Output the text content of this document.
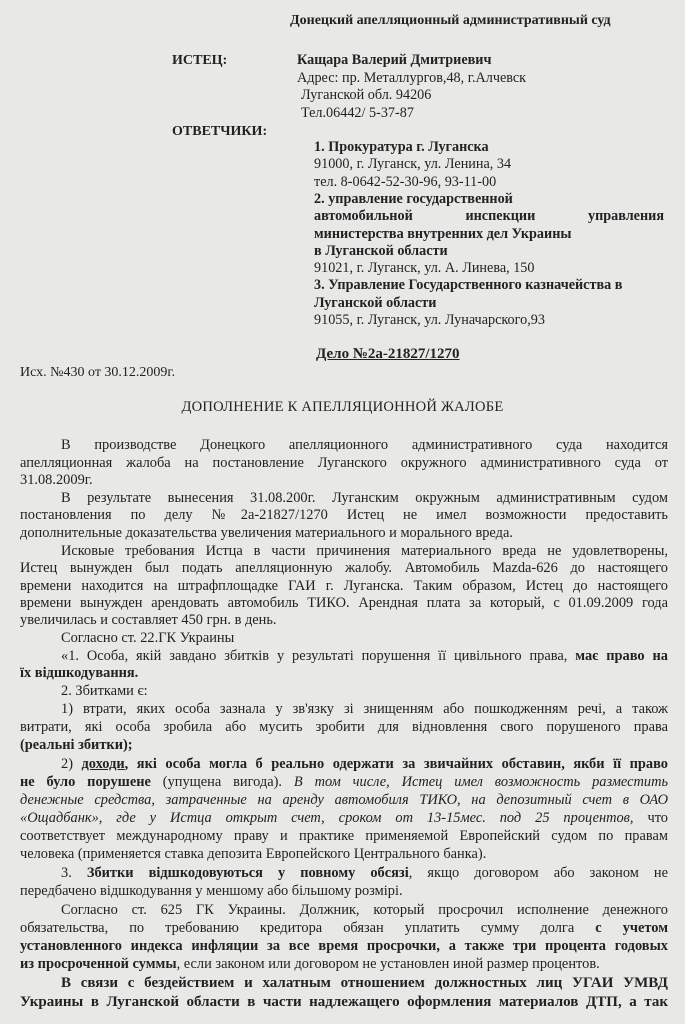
Донецкий апелляционный административный суд
ИСТЕЦ:	Кащара Валерий Дмитриевич
Адрес: пр. Металлургов,48, г.Алчевск
Луганской обл. 94206
Тел.06442/ 5-37-87
ОТВЕТЧИКИ:
1. Прокуратура г. Луганска
91000, г. Луганск, ул. Ленина, 34
тел. 8-0642-52-30-96, 93-11-00
2. управление государственной
автомобильной инспекции управления
министерства внутренних дел Украины
в Луганской области
91021, г. Луганск, ул. А. Линева, 150
3. Управление Государственного казначейства в
Луганской области
91055, г. Луганск, ул. Луначарского,93
Дело №2а-21827/1270
Исх. №430 от 30.12.2009г.
ДОПОЛНЕНИЕ К АПЕЛЛЯЦИОННОЙ ЖАЛОБЕ
В производстве Донецкого апелляционного административного суда находится
апелляционная жалоба на постановление Луганского окружного административного суда от
31.08.2009г.
В результате вынесения 31.08.200г. Луганским окружным административным судом
постановления по делу №2а-21827/1270 Истец не имел возможности предоставить
дополнительные доказательства увеличения материального и морального вреда.
Исковые требования Истца в части причинения материального вреда не удовлетворены,
Истец вынужден был подать апелляционную жалобу. Автомобиль Mazda-626 до настоящего
времени находится на штрафплощадке ГАИ г. Луганска. Таким образом, Истец до настоящего
времени вынужден арендовать автомобиль ТИКО. Арендная плата за который, с 01.09.2009 года
увеличилась и составляет 450 грн. в день.
Согласно ст. 22.ГК Украины
«1. Особа, якій завдано збитків у результаті порушення її цивільного права, має право на
їх відшкодування.
2. Збитками є:
1) втрати, яких особа зазнала у зв'язку зі знищенням або пошкодженням речі, а також
витрати, які особа зробила або мусить зробити для відновлення свого порушеного права
(реальні збитки);
2) доходи, які особа могла б реально одержати за звичайних обставин, якби її право
не було порушене (упущена вигода). В том числе, Истец имел возможность разместить
денежные средства, затраченные на аренду автомобиля ТИКО, на депозитный счет в ОАО
«Ощадбанк», где у Истца открыт счет, сроком от 13-15мес. под 25 процентов, что
соответствует международному праву и практике применяемой Европейский судом по правам
человека (применяется ставка депозита Европейского Центрального банка).
3. Збитки відшкодовуються у повному обсязі, якщо договором або законом не
передбачено відшкодування у меншому або більшому розмірі.
Согласно ст. 625 ГК Украины. Должник, который просрочил исполнение денежного
обязательства, по требованию кредитора обязан уплатить сумму долга с учетом
установленного индекса инфляции за все время просрочки, а также три процента годовых
из просроченной суммы, если законом или договором не установлен иной размер процентов.
В связи с бездействием и халатным отношением должностных лиц УГАИ УМВД
Украины в Луганской области в части надлежащего оформления материалов ДТП, а так
